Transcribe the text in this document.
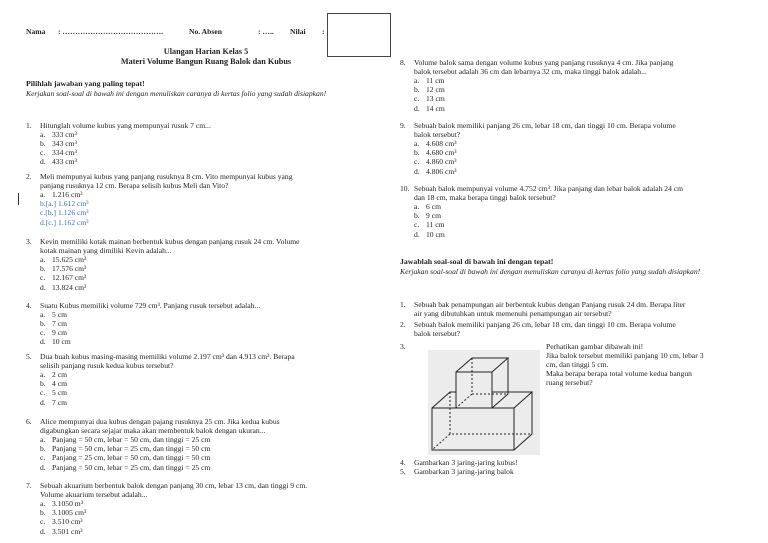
Nama : ………………………………….	No. Absen	: ….. Nilai :
Ulangan Harian Kelas 5
Materi Volume Bangun Ruang Balok dan Kubus
Pilihlah jawaban yang paling tepat!
Kerjakan soal-soal di bawah ini dengan menuliskan caranya di kertas folio yang sudah disiapkan!
1. Hitunglah volume kubus yang mempunyai rusuk 7 cm...
a. 333 cm³
b. 343 cm³
c. 334 cm³
d. 433 cm³
2. Meli mempunyai kubus yang panjang rusuknya 8 cm. Vito mempunyai kubus yang
panjang rusuknya 12 cm. Berapa selisih kubus Meli dan Vito?
a. 1.216 cm³
b.[a.] 1.612 cm³
c.[b.] 1.126 cm³
d.[c.] 1.162 cm³
3. Kevin memiliki kotak mainan berbentuk kubus dengan panjang rusuk 24 cm. Volume
kotak mainan yang dimiliki Kevin adalah...
a. 15.625 cm³
b. 17.576 cm³
c. 12.167 cm³
d. 13.824 cm³
4. Suatu Kubus memiliki volume 729 cm³. Panjang rusuk tersebut adalah...
a. 5 cm
b. 7 cm
c. 9 cm
d. 10 cm
5. Dua buah kubus masing-masing memiliki volume 2.197 cm³ dan 4.913 cm³. Berapa
selisih panjang rusuk kedua kubus tersebut?
a. 2 cm
b. 4 cm
c. 5 cm
d. 7 cm
6. Alice mempunyai dua kubus dengan pajang rusuknya 25 cm. Jika kedua kubus
digabungkan secara sejajar maka akan membentuk balok dengan ukuran...
a. Panjang = 50 cm, lebar = 50 cm, dan tinggi = 25 cm
b. Panjang = 50 cm, lebar = 25 cm, dan tinggi = 50 cm
c. Panjang = 25 cm, lebar = 50 cm, dan tinggi = 50 cm
d. Panjang = 50 cm, lebar = 25 cm, dan tinggi = 25 cm
7. Sebuah akuarium berbentuk balok dengan panjang 30 cm, lebar 13 cm, dan tinggi 9 cm.
Volume akuarium tersebut adalah...
a. 3.1050 m³
b. 3.1005 cm³
c. 3.510 cm³
d. 3.501 cm³
8. Volume balok sama dengan volume kubus yang panjang rusuknya 4 cm. Jika panjang
balok tersebut adalah 36 cm dan lebarnya 32 cm, maka tinggi balok adalah...
a. 11 cm
b. 12 cm
c. 13 cm
d. 14 cm
9. Sebuah balok memiliki panjang 26 cm, lebar 18 cm, dan tinggi 10 cm. Berapa volume
balok tersebut?
a. 4.608 cm³
b. 4.680 cm³
c. 4.860 cm³
d. 4.806 cm³
10. Sebuah balok mempunyai volume 4.752 cm³. Jika panjang dan lebar balok adalah 24 cm
dan 18 cm, maka berapa tinggi balok tersebut?
a. 6 cm
b. 9 cm
c. 11 cm
d. 10 cm
Jawablah soal-soal di bawah ini dengan tepat!
Kerjakan soal-soal di bawah ini dengan menuliskan caranya di kertas folio yang sudah disiapkan!
1. Sebuah bak penampungan air berbentuk kubus dengan Panjang rusuk 24 dm. Berapa liter
air yang dibutuhkan untuk memenuhi penampungan air tersebut?
2. Sebuah balok memiliki panjang 26 cm, lebar 18 cm, dan tinggi 10 cm. Berapa volume
balok tersebut?
3.	Perhatikan gambar dibawah ini!
Jika balok tersebut memiliki panjang 10 cm, lebar 3
cm, dan tinggi 5 cm.
Maka berapa berapa total volume kedua bangun
ruang tersebut?
4. Gambarkan 3 jaring-jaring kubus!
5. Gambarkan 3 jaring-jaring balok
